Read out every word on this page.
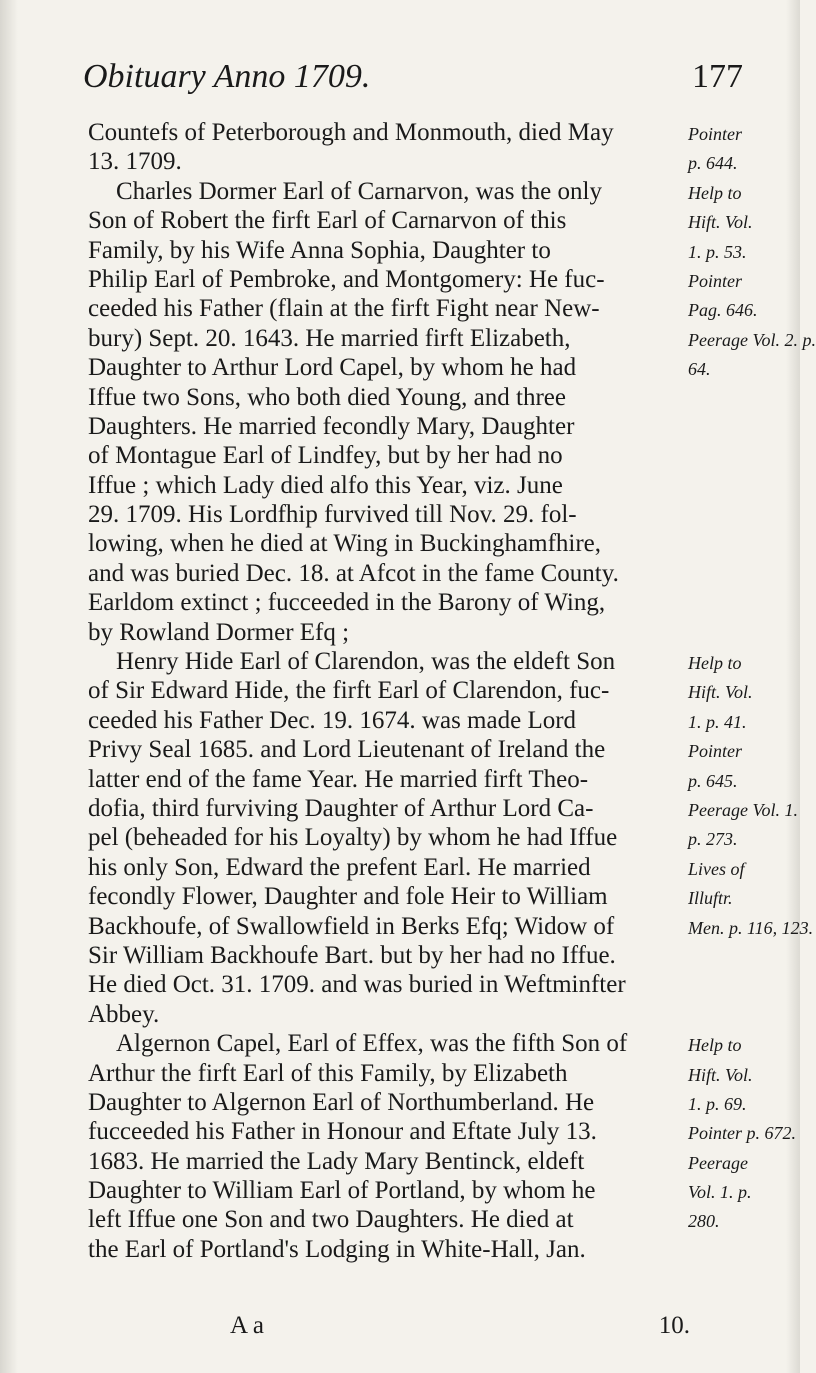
Obituary Anno 1709.	177
Countefs of Peterborough and Monmouth, died May	Pointer
13. 1709.	p. 644.
Charles Dormer Earl of Carnarvon, was the only	Help to
Son of Robert the firft Earl of Carnarvon of this	Hift. Vol.
Family, by his Wife Anna Sophia, Daughter to	1. p. 53.
Philip Earl of Pembroke, and Montgomery: He fuc-	Pointer
ceeded his Father (flain at the firft Fight near New-	Pag. 646.
bury) Sept. 20. 1643. He married firft Elizabeth,	Peerage Vol. 2. p.
Daughter to Arthur Lord Capel, by whom he had	64.
Iffue two Sons, who both died Young, and three
Daughters. He married fecondly Mary, Daughter
of Montague Earl of Lindfey, but by her had no
Iffue ; which Lady died alfo this Year, viz. June
29. 1709. His Lordfhip furvived till Nov. 29. fol-
lowing, when he died at Wing in Buckinghamfhire,
and was buried Dec. 18. at Afcot in the fame County.
Earldom extinct ; fucceeded in the Barony of Wing,
by Rowland Dormer Efq ;
Henry Hide Earl of Clarendon, was the eldeft Son	Help to
of Sir Edward Hide, the firft Earl of Clarendon, fuc-	Hift. Vol.
ceeded his Father Dec. 19. 1674. was made Lord	1. p. 41.
Privy Seal 1685. and Lord Lieutenant of Ireland the	Pointer
latter end of the fame Year. He married firft Theo-	p. 645.
dofia, third furviving Daughter of Arthur Lord Ca-	Peerage Vol. 1.
pel (beheaded for his Loyalty) by whom he had Iffue	p. 273.
his only Son, Edward the prefent Earl. He married	Lives of
fecondly Flower, Daughter and fole Heir to William	Illuftr.
Backhoufe, of Swallowfield in Berks Efq; Widow of	Men. p. 116, 123.
Sir William Backhoufe Bart. but by her had no Iffue.
He died Oct. 31. 1709. and was buried in Weftminfter
Abbey.
Algernon Capel, Earl of Effex, was the fifth Son of	Help to
Arthur the firft Earl of this Family, by Elizabeth	Hift. Vol.
Daughter to Algernon Earl of Northumberland. He	1. p. 69.
fucceeded his Father in Honour and Eftate July 13.	Pointer p. 672.
1683. He married the Lady Mary Bentinck, eldeft	Peerage
Daughter to William Earl of Portland, by whom he	Vol. 1. p.
left Iffue one Son and two Daughters. He died at	280.
the Earl of Portland's Lodging in White-Hall, Jan.
A a	10.
